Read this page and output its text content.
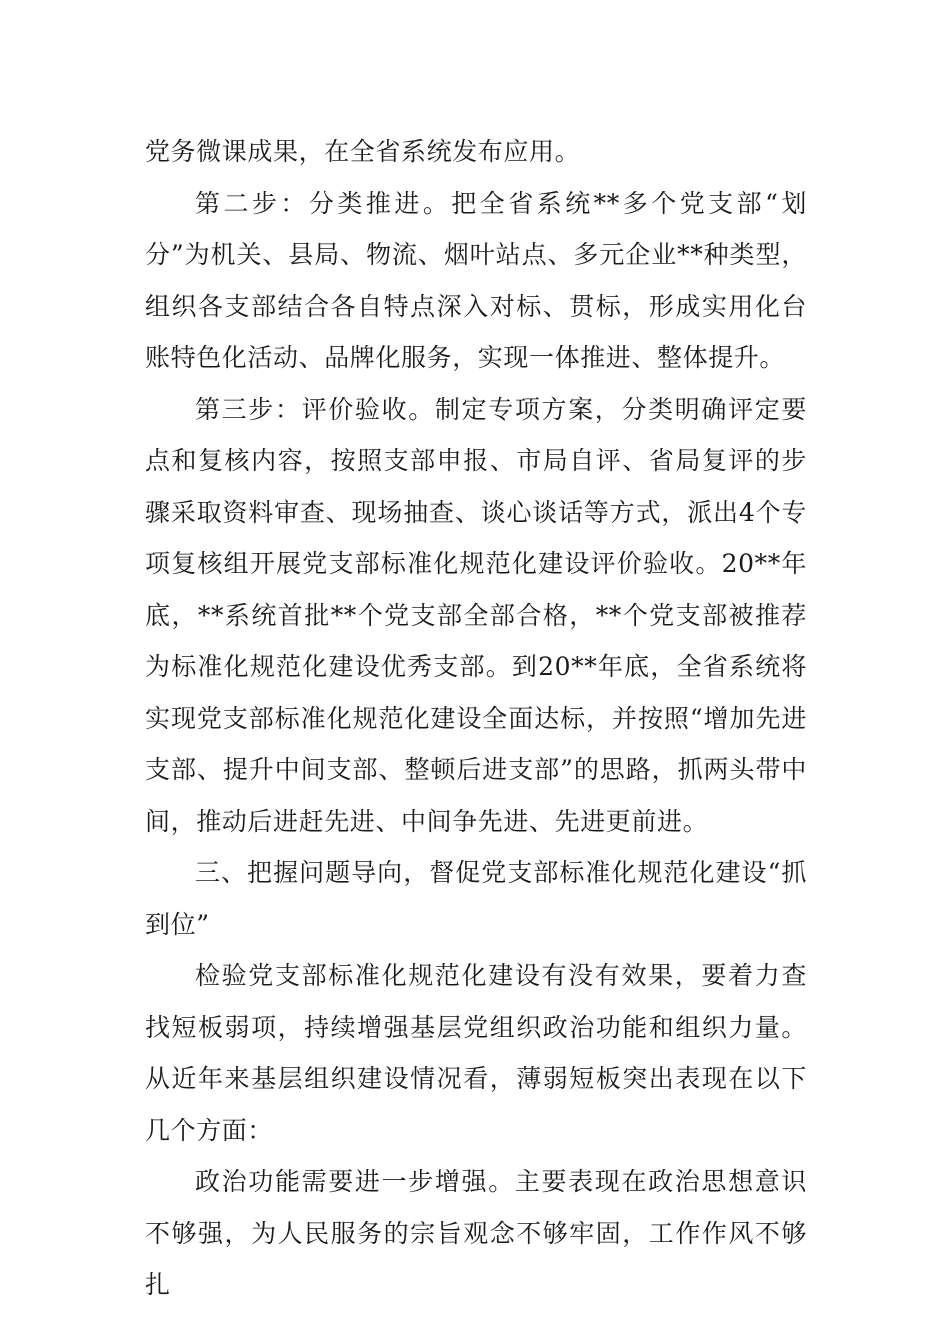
党务微课成果，在全省系统发布应用。

第二步：分类推进。把全省系统**多个党支部“划分”为机关、县局、物流、烟叶站点、多元企业**种类型，组织各支部结合各自特点深入对标、贯标，形成实用化台账特色化活动、品牌化服务，实现一体推进、整体提升。

第三步：评价验收。制定专项方案，分类明确评定要点和复核内容，按照支部申报、市局自评、省局复评的步骤采取资料审查、现场抽查、谈心谈话等方式，派出4个专项复核组开展党支部标准化规范化建设评价验收。20**年底，**系统首批**个党支部全部合格，**个党支部被推荐为标准化规范化建设优秀支部。到20**年底，全省系统将实现党支部标准化规范化建设全面达标，并按照“增加先进支部、提升中间支部、整顿后进支部”的思路，抓两头带中间，推动后进赶先进、中间争先进、先进更前进。

三、把握问题导向，督促党支部标准化规范化建设“抓到位”

检验党支部标准化规范化建设有没有效果，要着力查找短板弱项，持续增强基层党组织政治功能和组织力量。从近年来基层组织建设情况看，薄弱短板突出表现在以下几个方面：

政治功能需要进一步增强。主要表现在政治思想意识不够强，为人民服务的宗旨观念不够牢固，工作作风不够扎
